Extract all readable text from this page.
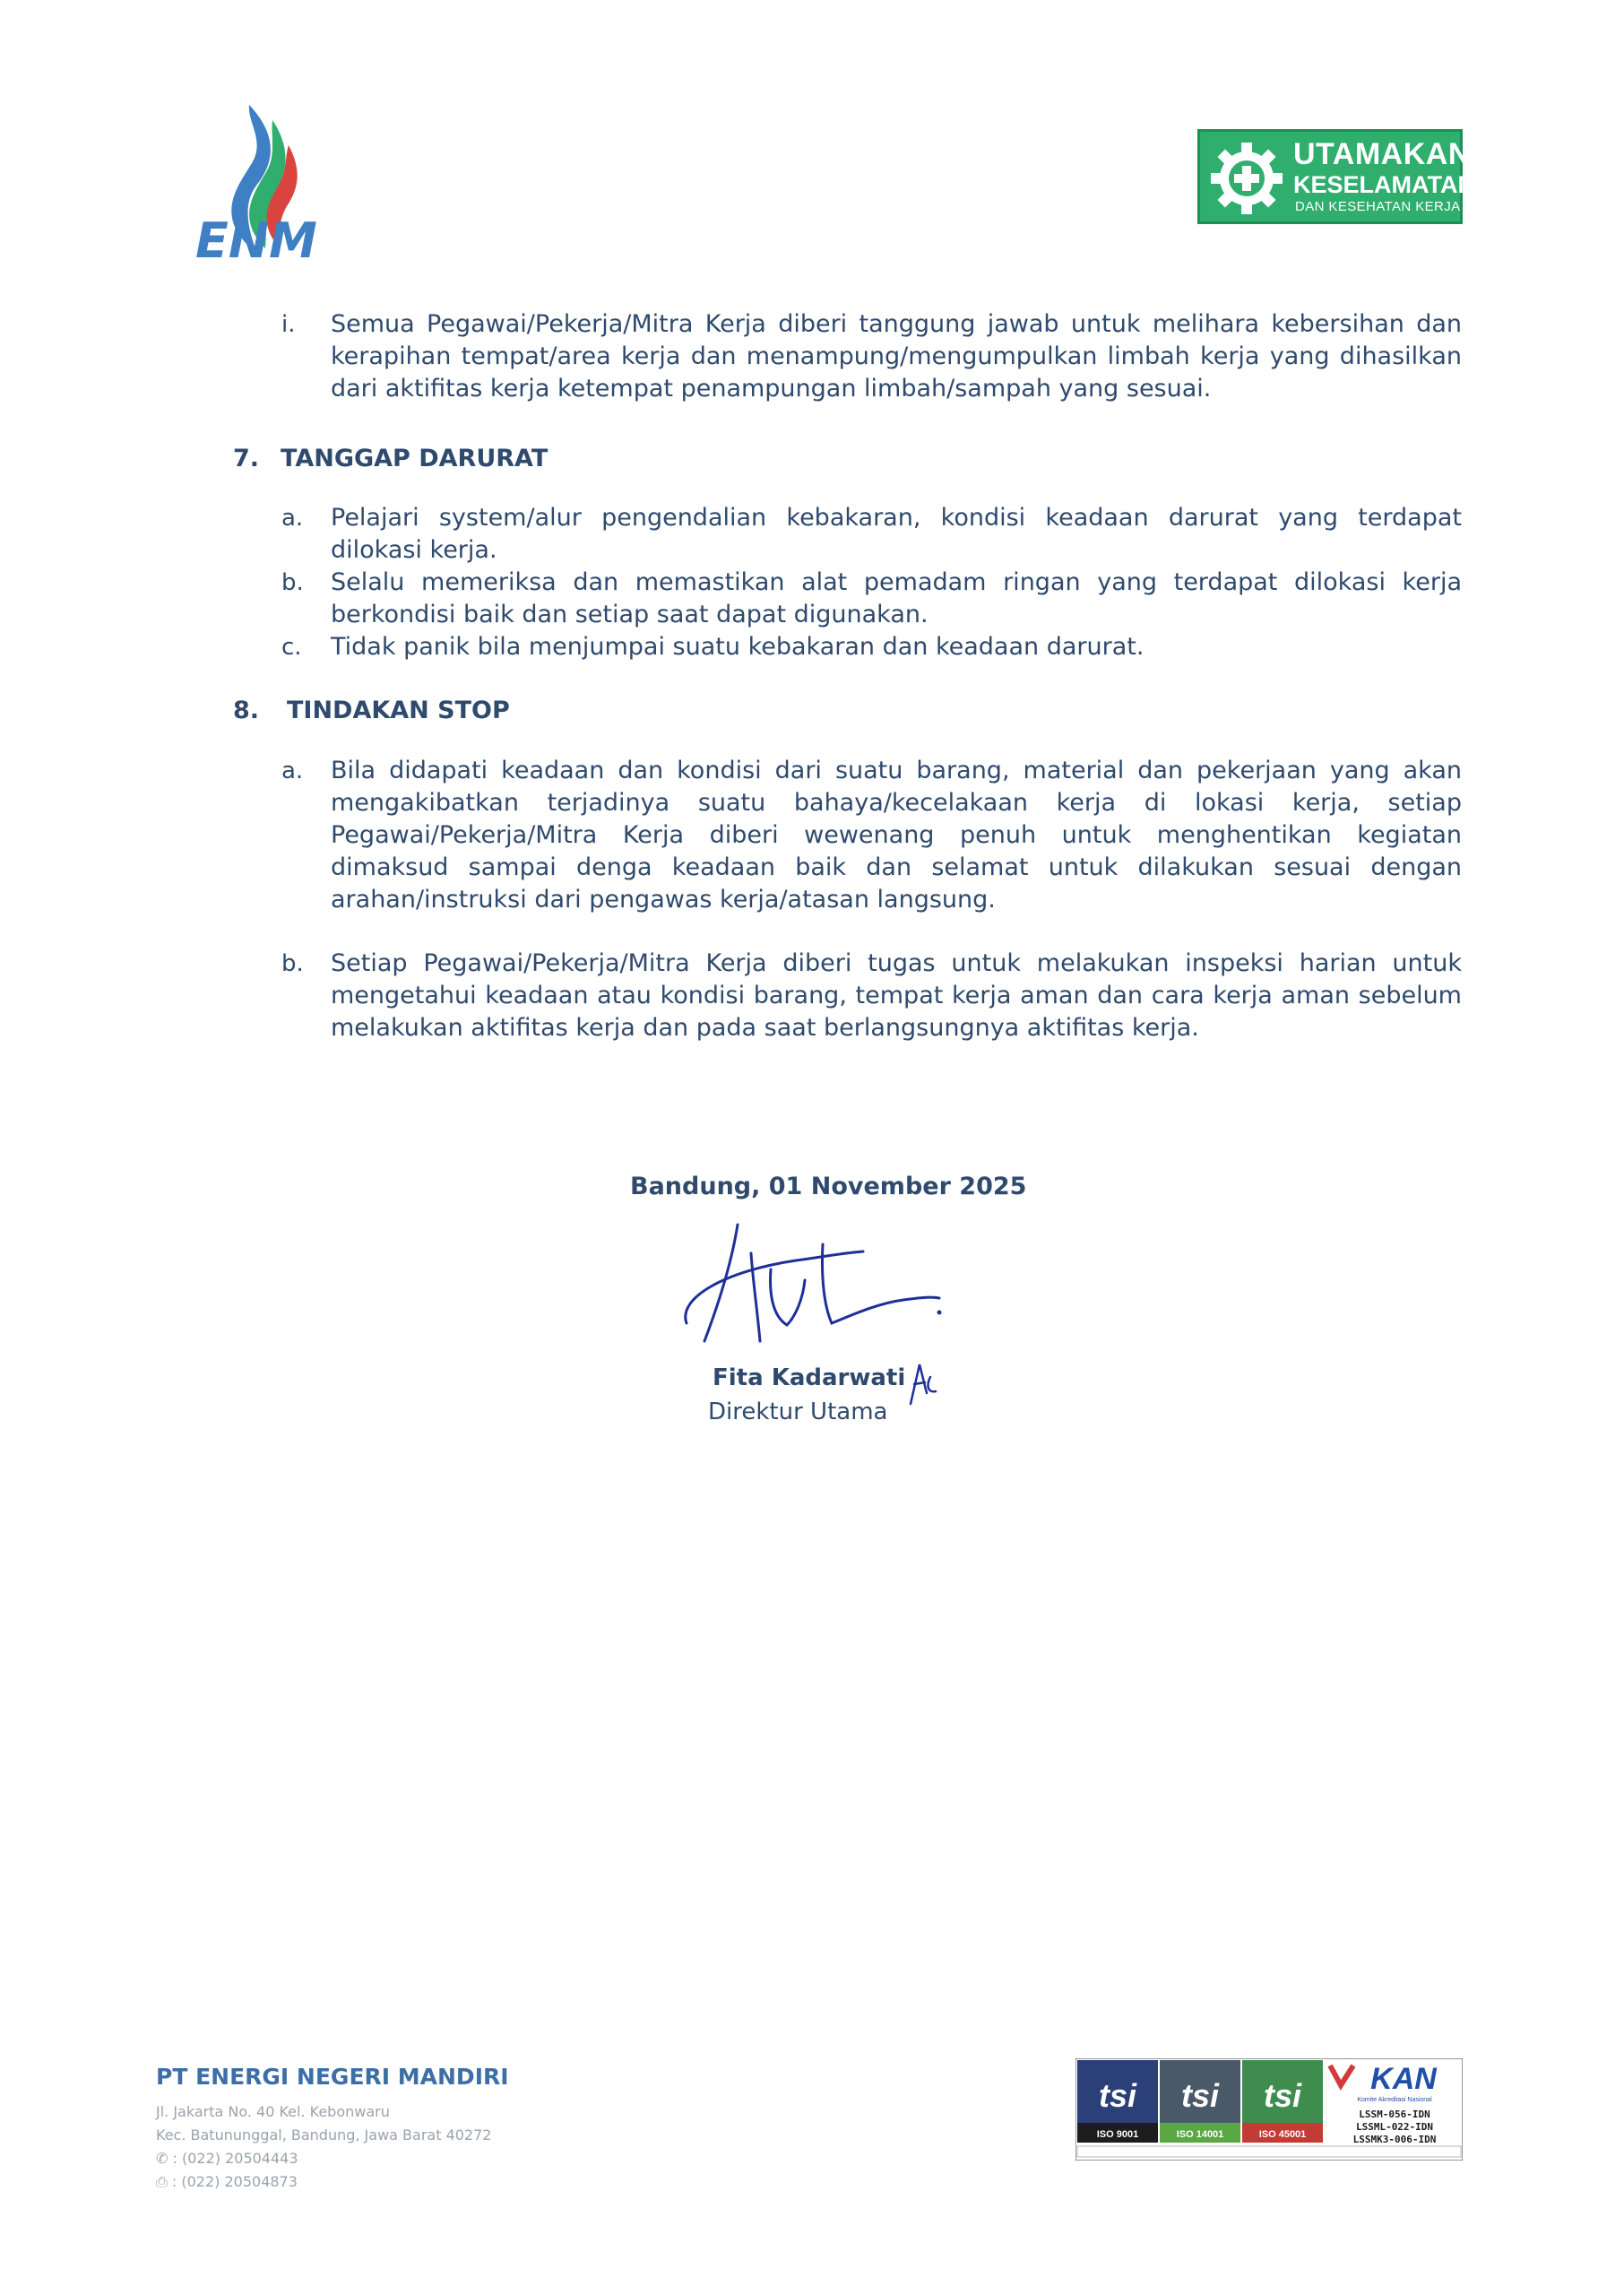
ENM
UTAMAKAN
KESELAMATAN
DAN KESEHATAN KERJA
i. Semua Pegawai/Pekerja/Mitra Kerja diberi tanggung jawab untuk melihara kebersihan dan kerapihan tempat/area kerja dan menampung/mengumpulkan limbah kerja yang dihasilkan dari aktifitas kerja ketempat penampungan limbah/sampah yang sesuai.
7. TANGGAP DARURAT
a. Pelajari system/alur pengendalian kebakaran, kondisi keadaan darurat yang terdapat dilokasi kerja.
b. Selalu memeriksa dan memastikan alat pemadam ringan yang terdapat dilokasi kerja berkondisi baik dan setiap saat dapat digunakan.
c. Tidak panik bila menjumpai suatu kebakaran dan keadaan darurat.
8. TINDAKAN STOP
a. Bila didapati keadaan dan kondisi dari suatu barang, material dan pekerjaan yang akan mengakibatkan terjadinya suatu bahaya/kecelakaan kerja di lokasi kerja, setiap Pegawai/Pekerja/Mitra Kerja diberi wewenang penuh untuk menghentikan kegiatan dimaksud sampai denga keadaan baik dan selamat untuk dilakukan sesuai dengan arahan/instruksi dari pengawas kerja/atasan langsung.
b. Setiap Pegawai/Pekerja/Mitra Kerja diberi tugas untuk melakukan inspeksi harian untuk mengetahui keadaan atau kondisi barang, tempat kerja aman dan cara kerja aman sebelum melakukan aktifitas kerja dan pada saat berlangsungnya aktifitas kerja.
Bandung, 01 November 2025
Fita Kadarwati
Direktur Utama
PT ENERGI NEGERI MANDIRI
Jl. Jakarta No. 40 Kel. Kebonwaru
Kec. Batununggal, Bandung, Jawa Barat 40272
✆ : (022) 20504443
⎙ : (022) 20504873
tsi
ISO 9001
tsi
ISO 14001
tsi
ISO 45001
KAN
Komite Akreditasi Nasional
LSSM-056-IDN
LSSML-022-IDN
LSSMK3-006-IDN
